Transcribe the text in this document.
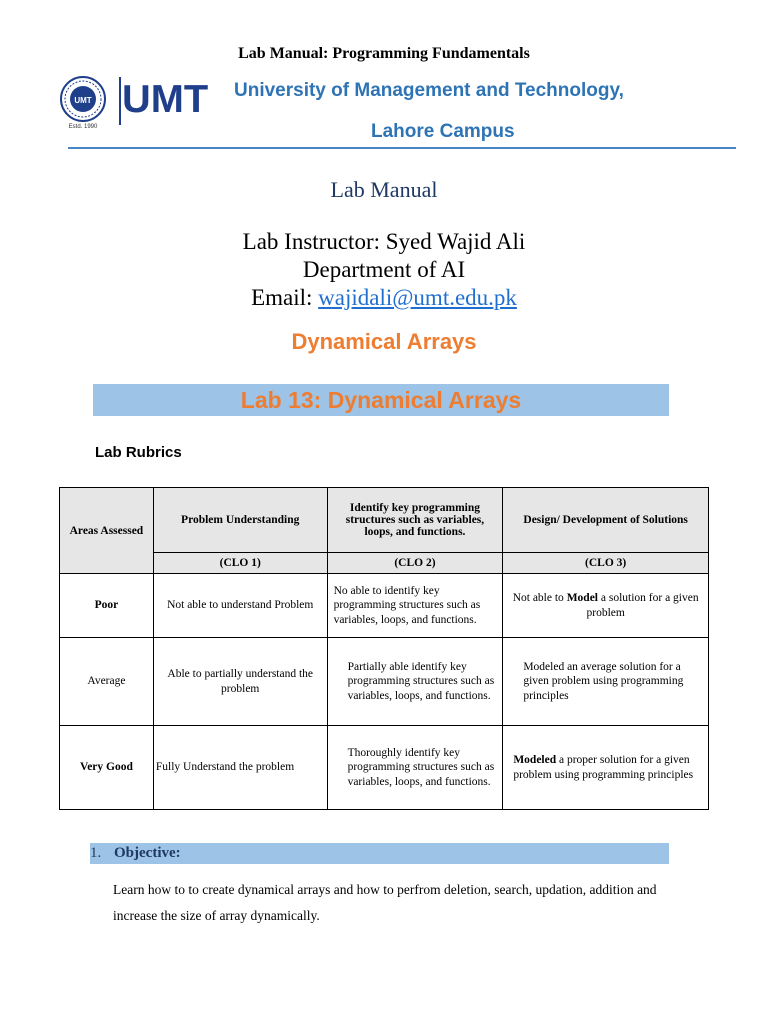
Lab Manual: Programming Fundamentals
UMT
Estd. 1990
UMT University of Management and Technology,
Lahore Campus
Lab Manual
Lab Instructor: Syed Wajid Ali
Department of AI
Email: wajidali@umt.edu.pk
Dynamical Arrays
Lab 13: Dynamical Arrays
Lab Rubrics
Areas Assessed	Problem Understanding	Identify key programming structures such as variables, loops, and functions.	Design/ Development of Solutions
	(CLO 1)	(CLO 2)	(CLO 3)
Poor	Not able to understand Problem	No able to identify key programming structures such as variables, loops, and functions.	Not able to Model a solution for a given problem
Average	Able to partially understand the problem	Partially able identify key programming structures such as variables, loops, and functions.	Modeled an average solution for a given problem using programming principles
Very Good	Fully Understand the problem	Thoroughly identify key programming structures such as variables, loops, and functions.	Modeled a proper solution for a given problem using programming principles
1. Objective:
Learn how to to create dynamical arrays and how to perfrom deletion, search, updation, addition and increase the size of array dynamically.
